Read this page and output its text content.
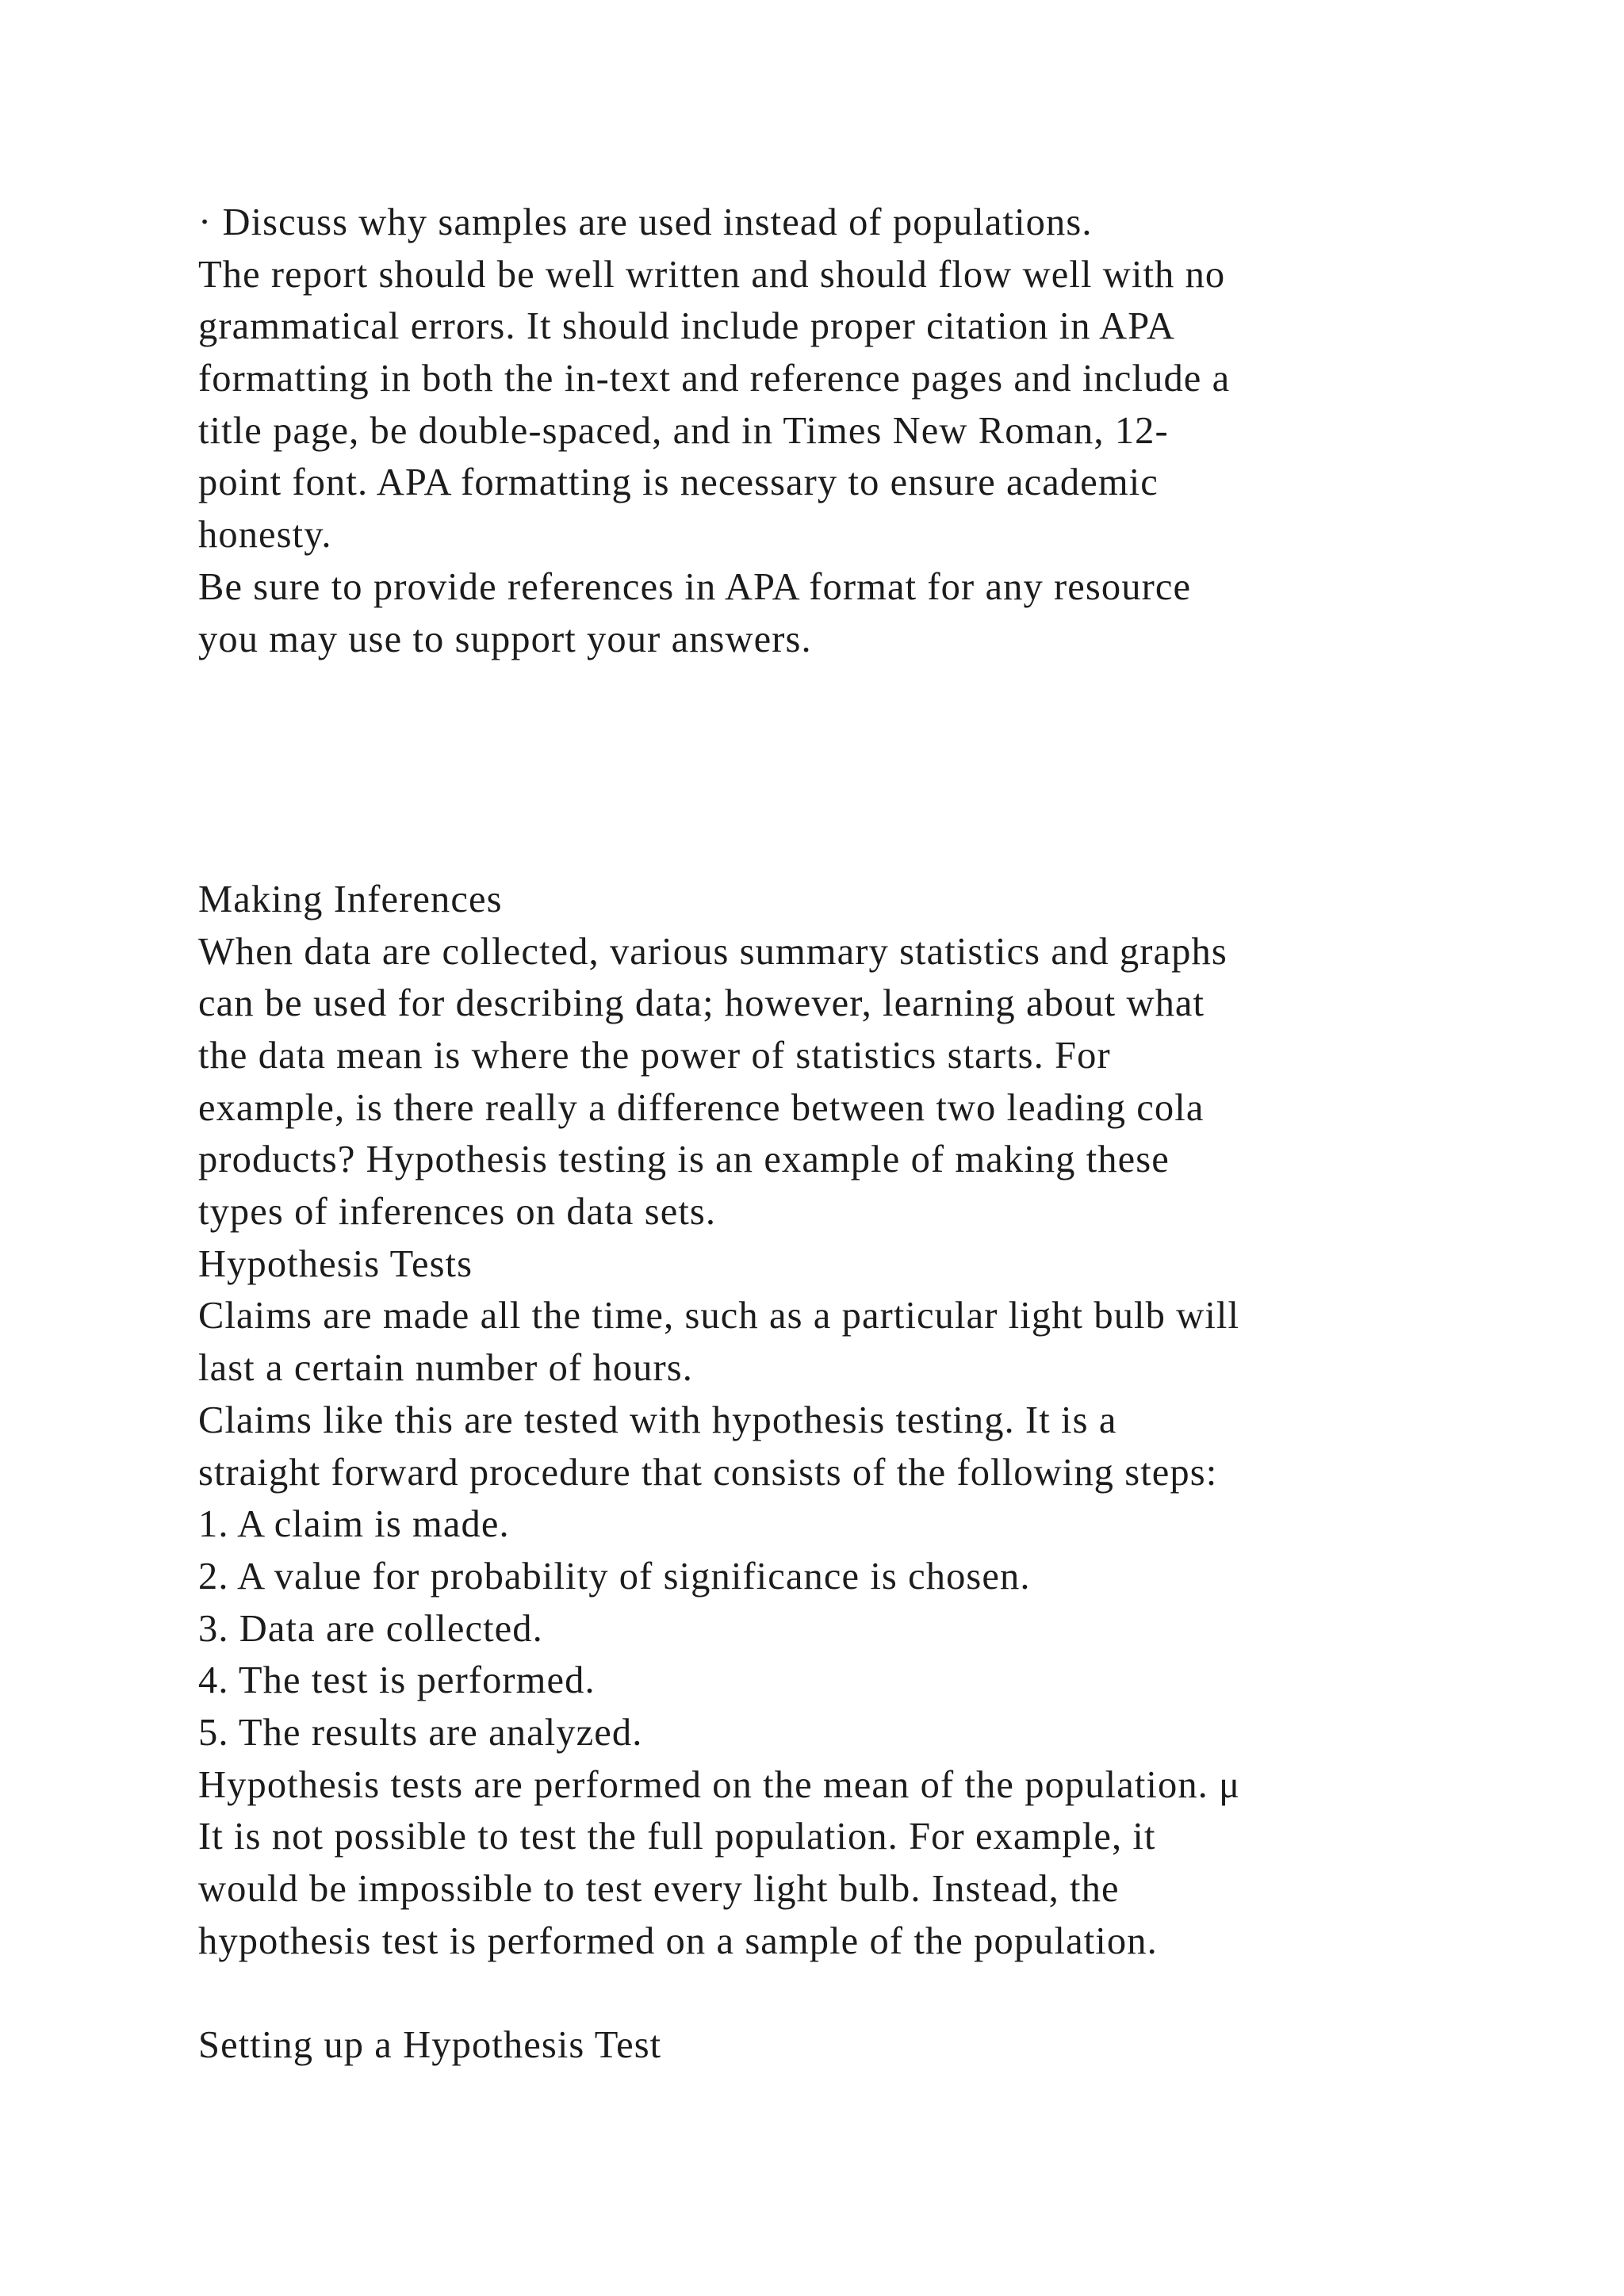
· Discuss why samples are used instead of populations.
The report should be well written and should flow well with no
grammatical errors. It should include proper citation in APA
formatting in both the in-text and reference pages and include a
title page, be double-spaced, and in Times New Roman, 12-
point font. APA formatting is necessary to ensure academic
honesty.
Be sure to provide references in APA format for any resource
you may use to support your answers.
Making Inferences
When data are collected, various summary statistics and graphs
can be used for describing data; however, learning about what
the data mean is where the power of statistics starts. For
example, is there really a difference between two leading cola
products? Hypothesis testing is an example of making these
types of inferences on data sets.
Hypothesis Tests
Claims are made all the time, such as a particular light bulb will
last a certain number of hours.
Claims like this are tested with hypothesis testing. It is a
straight forward procedure that consists of the following steps:
1. A claim is made.
2. A value for probability of significance is chosen.
3. Data are collected.
4. The test is performed.
5. The results are analyzed.
Hypothesis tests are performed on the mean of the population. μ
It is not possible to test the full population. For example, it
would be impossible to test every light bulb. Instead, the
hypothesis test is performed on a sample of the population.
Setting up a Hypothesis Test
